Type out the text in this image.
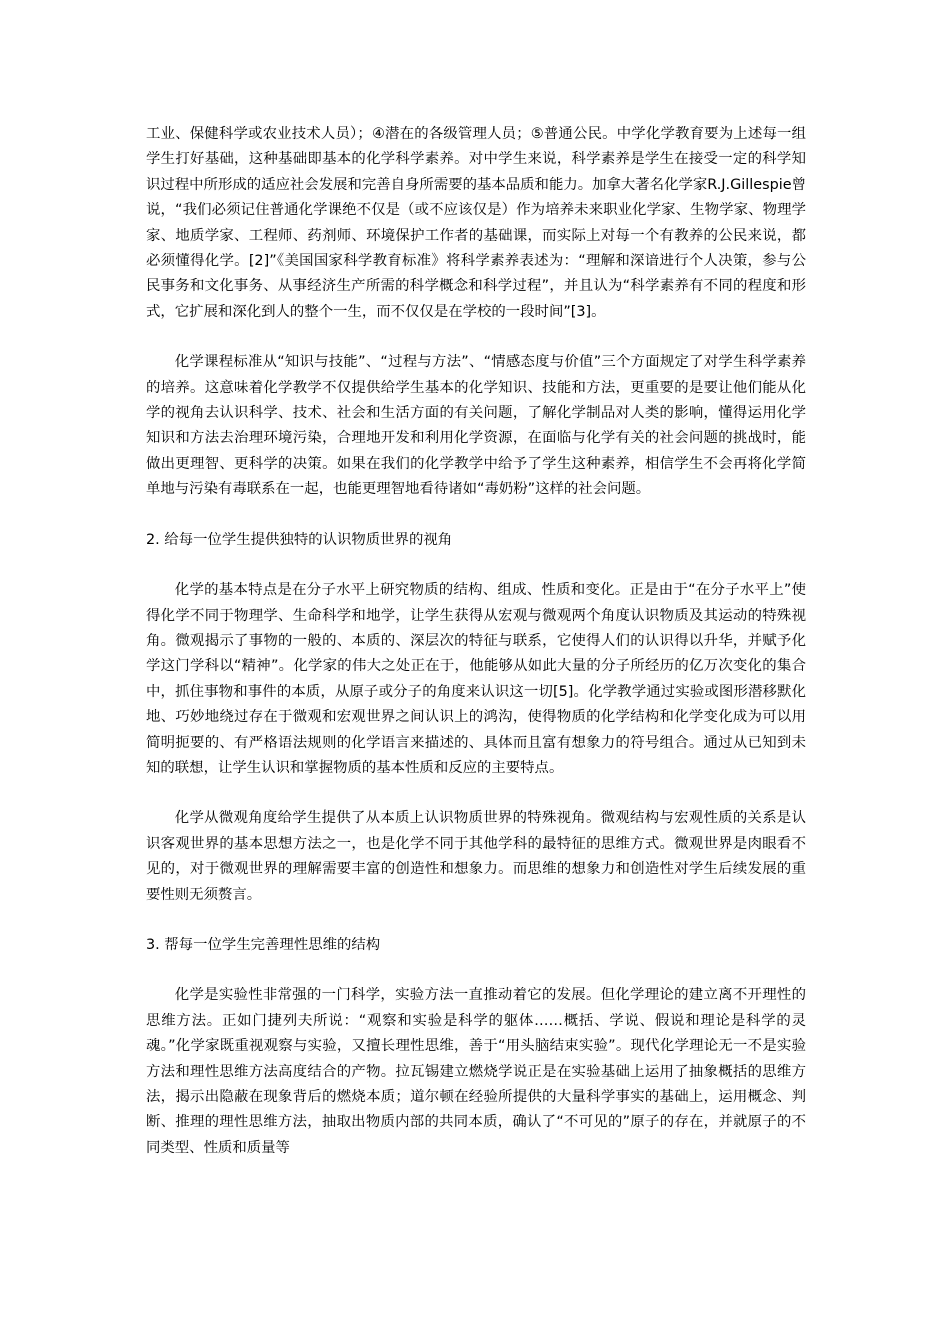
工业、保健科学或农业技术人员）；④潜在的各级管理人员；⑤普通公民。中学化学教育要为上述每一组学生打好基础，这种基础即基本的化学科学素养。对中学生来说，科学素养是学生在接受一定的科学知识过程中所形成的适应社会发展和完善自身所需要的基本品质和能力。加拿大著名化学家R.J.Gillespie曾说，“我们必须记住普通化学课绝不仅是（或不应该仅是）作为培养未来职业化学家、生物学家、物理学家、地质学家、工程师、药剂师、环境保护工作者的基础课，而实际上对每一个有教养的公民来说，都必须懂得化学。[2]”《美国国家科学教育标准》将科学素养表述为：“理解和深谙进行个人决策，参与公民事务和文化事务、从事经济生产所需的科学概念和科学过程”，并且认为“科学素养有不同的程度和形式，它扩展和深化到人的整个一生，而不仅仅是在学校的一段时间”[3]。

化学课程标准从“知识与技能”、“过程与方法”、“情感态度与价值”三个方面规定了对学生科学素养的培养。这意味着化学教学不仅提供给学生基本的化学知识、技能和方法，更重要的是要让他们能从化学的视角去认识科学、技术、社会和生活方面的有关问题，了解化学制品对人类的影响，懂得运用化学知识和方法去治理环境污染，合理地开发和利用化学资源，在面临与化学有关的社会问题的挑战时，能做出更理智、更科学的决策。如果在我们的化学教学中给予了学生这种素养，相信学生不会再将化学简单地与污染有毒联系在一起，也能更理智地看待诸如“毒奶粉”这样的社会问题。

2. 给每一位学生提供独特的认识物质世界的视角

化学的基本特点是在分子水平上研究物质的结构、组成、性质和变化。正是由于“在分子水平上”使得化学不同于物理学、生命科学和地学，让学生获得从宏观与微观两个角度认识物质及其运动的特殊视角。微观揭示了事物的一般的、本质的、深层次的特征与联系，它使得人们的认识得以升华，并赋予化学这门学科以“精神”。化学家的伟大之处正在于，他能够从如此大量的分子所经历的亿万次变化的集合中，抓住事物和事件的本质，从原子或分子的角度来认识这一切[5]。化学教学通过实验或图形潜移默化地、巧妙地绕过存在于微观和宏观世界之间认识上的鸿沟，使得物质的化学结构和化学变化成为可以用简明扼要的、有严格语法规则的化学语言来描述的、具体而且富有想象力的符号组合。通过从已知到未知的联想，让学生认识和掌握物质的基本性质和反应的主要特点。

化学从微观角度给学生提供了从本质上认识物质世界的特殊视角。微观结构与宏观性质的关系是认识客观世界的基本思想方法之一，也是化学不同于其他学科的最特征的思维方式。微观世界是肉眼看不见的，对于微观世界的理解需要丰富的创造性和想象力。而思维的想象力和创造性对学生后续发展的重要性则无须赘言。

3. 帮每一位学生完善理性思维的结构

化学是实验性非常强的一门科学，实验方法一直推动着它的发展。但化学理论的建立离不开理性的思维方法。正如门捷列夫所说：“观察和实验是科学的躯体……概括、学说、假说和理论是科学的灵魂。”化学家既重视观察与实验，又擅长理性思维，善于“用头脑结束实验”。现代化学理论无一不是实验方法和理性思维方法高度结合的产物。拉瓦锡建立燃烧学说正是在实验基础上运用了抽象概括的思维方法，揭示出隐蔽在现象背后的燃烧本质；道尔顿在经验所提供的大量科学事实的基础上，运用概念、判断、推理的理性思维方法，抽取出物质内部的共同本质，确认了“不可见的”原子的存在，并就原子的不同类型、性质和质量等
